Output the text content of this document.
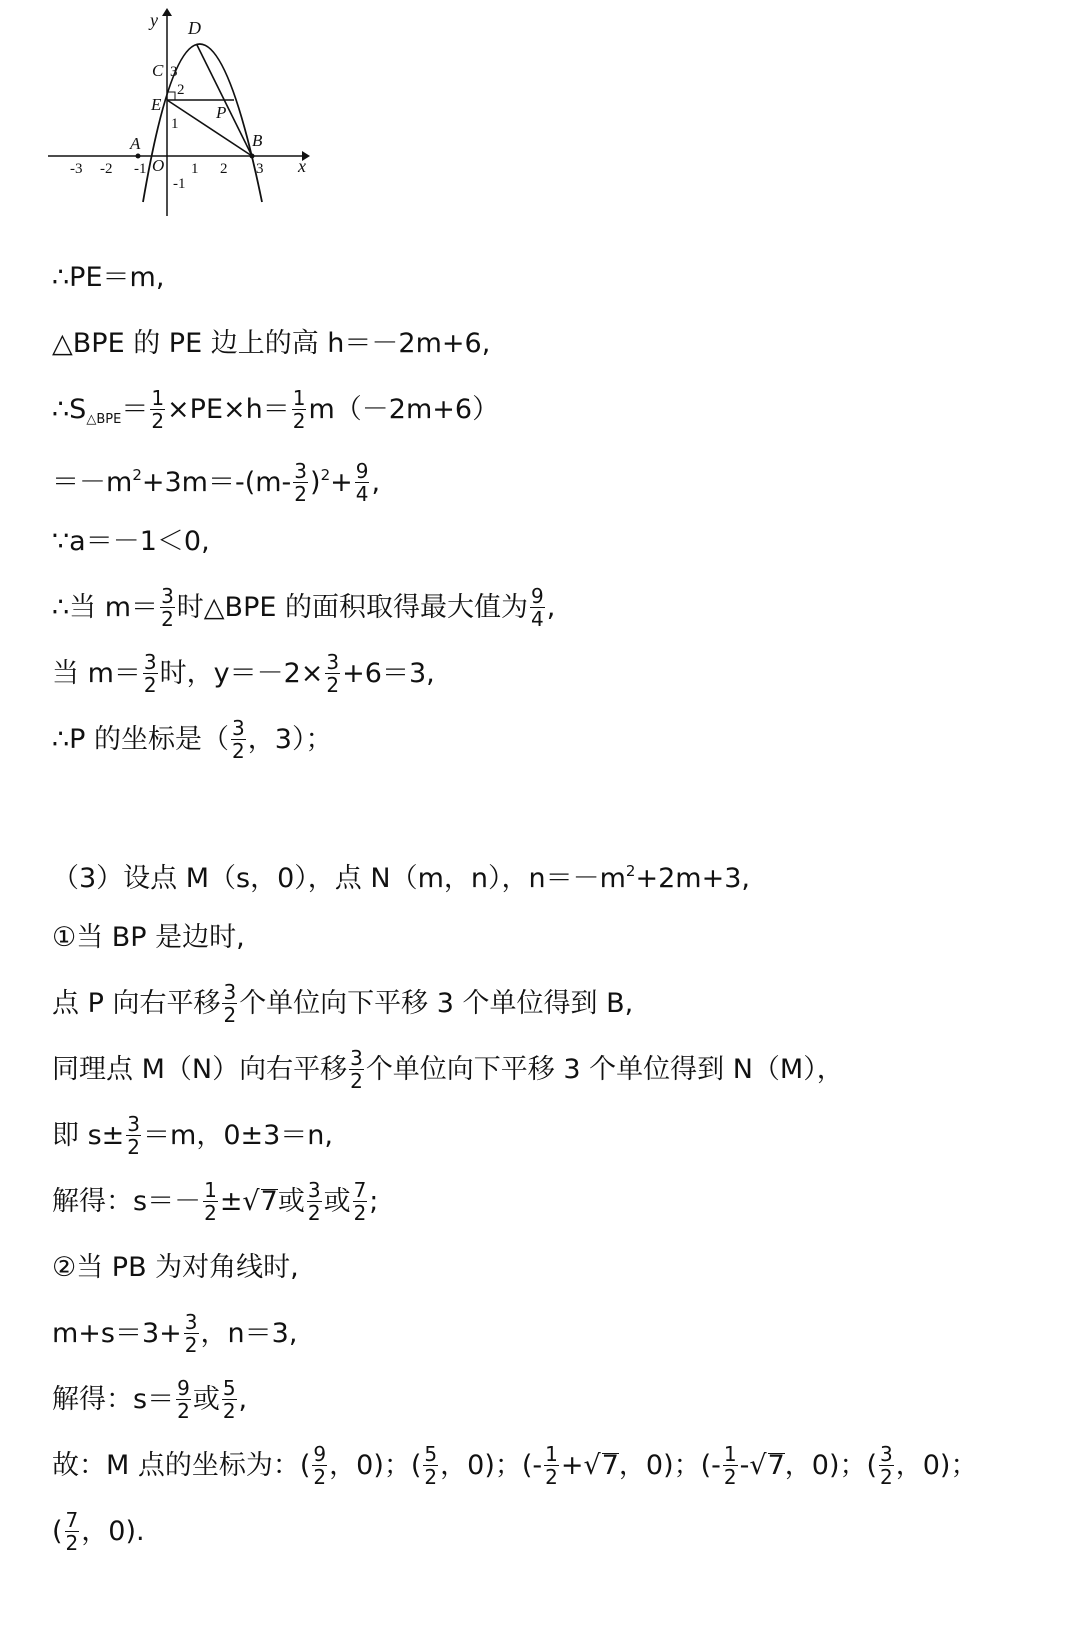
y
x
O
D
C
E	P
A	B
3
2
1
-1
-3 -2 -1	1 2 3
∴PE＝m,
△BPE 的 PE 边上的高 h＝－2m+6,
$\therefore S_{\triangle BPE}= \frac{1}{2} \times PE\times h= \frac{1}{2} m(-2m+6)$
$=-m^2+3m=-(m- \frac{3}{2} )^2+ \frac{9}{4}$ ,
∵a＝－1＜0,
∴当 $m= \frac{3}{2}$ 时△BPE 的面积取得最大值为 $\frac{9}{4}$ ,
当 $m= \frac{3}{2}$ 时，$y=-2\times \frac{3}{2} +6=3$,
∴P 的坐标是（ $\frac{3}{2}$ ，3）；
（3）设点 M（s，0），点 N（m，n），$n=-m^2+2m+3$,
①当 BP 是边时,
点 P 向右平移 $\frac{3}{2}$ 个单位向下平移 3 个单位得到 B,
同理点 M（N）向右平移 $\frac{3}{2}$ 个单位向下平移 3 个单位得到 N（M），
即 $s\pm \frac{3}{2} =m$，0±3＝n,
解得：$s=- \frac{1}{2} \pm√7$或 $\frac{3}{2}$ 或 $\frac{7}{2}$ ;
②当 PB 为对角线时,
$m+s=3+ \frac{3}{2}$ ，n＝3,
解得：$s= \frac{9}{2}$ 或 $\frac{5}{2}$ ,
故：M 点的坐标为：( $\frac{9}{2}$ ，0)；( $\frac{5}{2}$ ，0)；(- $\frac{1}{2} +√7$，0)；(- $\frac{1}{2} -√7$，0)；( $\frac{3}{2}$ ，0)；
( $\frac{7}{2}$ ，0).
